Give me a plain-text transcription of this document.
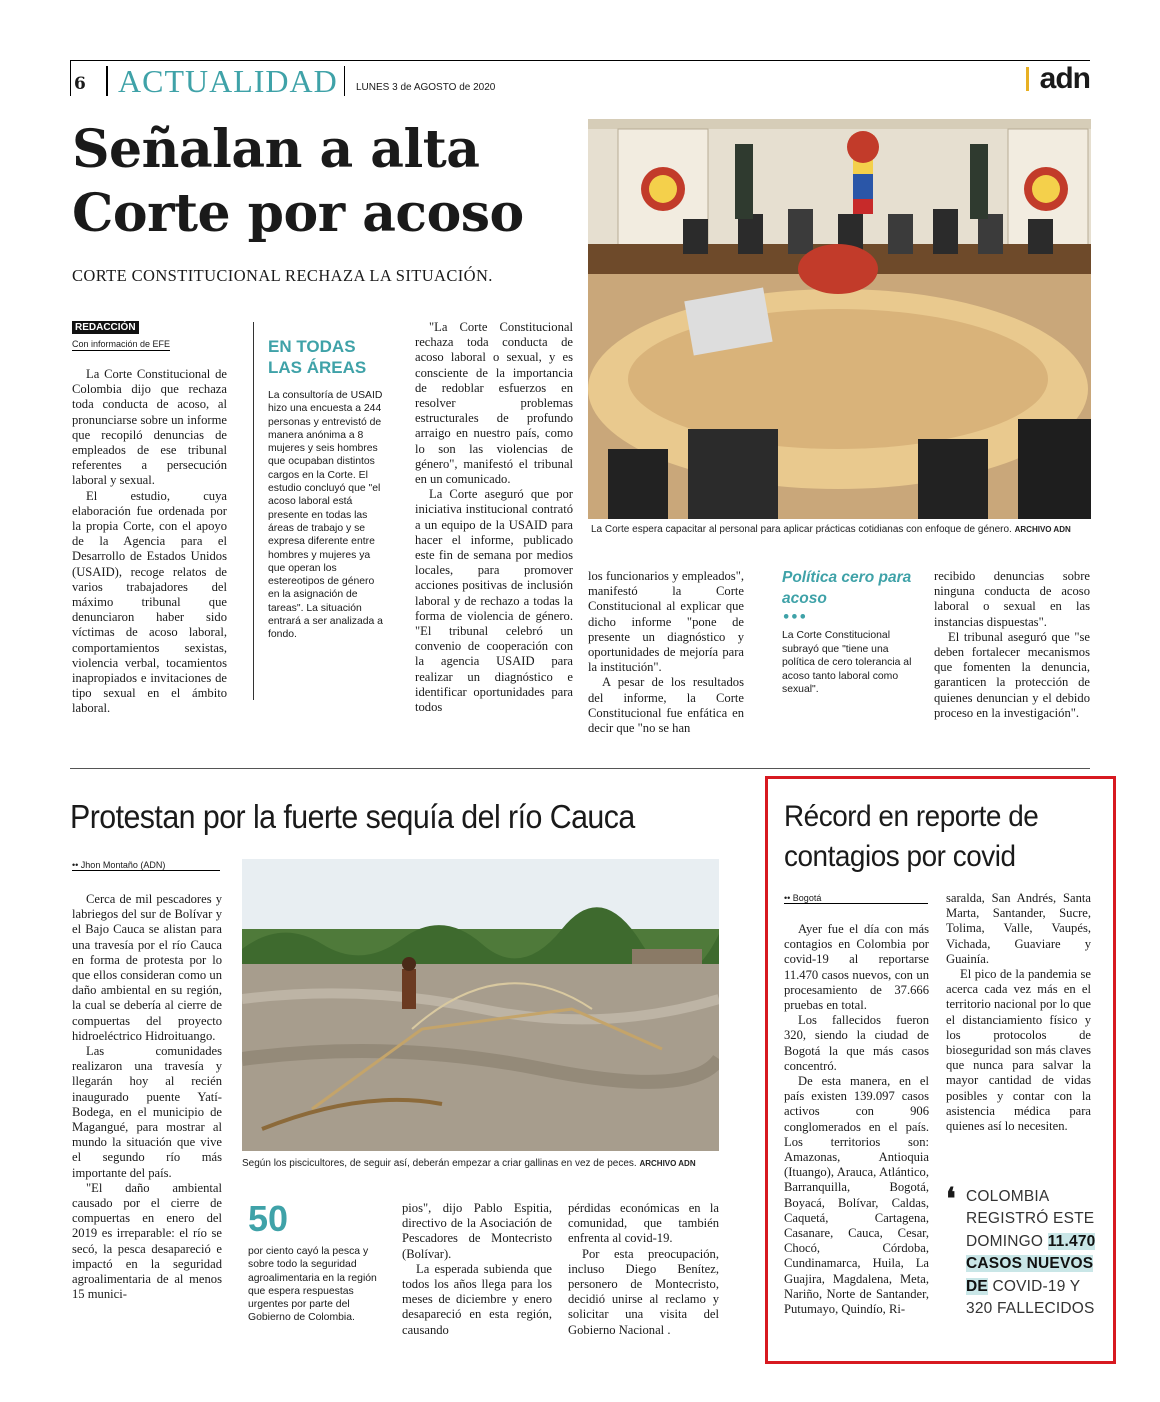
6 ACTUALIDAD LUNES 3 de AGOSTO de 2020	adn
Señalan a alta
Corte por acoso
CORTE CONSTITUCIONAL RECHAZA LA SITUACIÓN.
La Corte espera capacitar al personal para aplicar prácticas cotidianas con enfoque de género. ARCHIVO ADN
REDACCIÓN
Con información de EFE

La Corte Constitucional de Colombia dijo que rechaza toda conducta de acoso, al pronunciarse sobre un informe que recopiló denuncias de empleados de ese tribunal referentes a persecución laboral y sexual.

El estudio, cuya elaboración fue ordenada por la propia Corte, con el apoyo de la Agencia para el Desarrollo de Estados Unidos (USAID), recoge relatos de varios trabajadores del máximo tribunal que denunciaron haber sido víctimas de acoso laboral, comportamientos sexistas, violencia verbal, tocamientos inapropiados e invitaciones de tipo sexual en el ámbito laboral.

EN TODAS LAS ÁREAS
La consultoría de USAID hizo una encuesta a 244 personas y entrevistó de manera anónima a 8 mujeres y seis hombres que ocupaban distintos cargos en la Corte. El estudio concluyó que "el acoso laboral está presente en todas las áreas de trabajo y se expresa diferente entre hombres y mujeres ya que operan los estereotipos de género en la asignación de tareas". La situación entrará a ser analizada a fondo.

"La Corte Constitucional rechaza toda conducta de acoso laboral o sexual, y es consciente de la importancia de redoblar esfuerzos en resolver problemas estructurales de profundo arraigo en nuestro país, como lo son las violencias de género", manifestó el tribunal en un comunicado.

La Corte aseguró que por iniciativa institucional contrató a un equipo de la USAID para hacer el informe, publicado este fin de semana por medios locales, para promover acciones positivas de inclusión laboral y de rechazo a todas la forma de violencia de género. "El tribunal celebró un convenio de cooperación con la agencia USAID para realizar un diagnóstico e identificar oportunidades para todos

los funcionarios y empleados", manifestó la Corte Constitucional al explicar que dicho informe "pone de presente un diagnóstico y oportunidades de mejoría para la institución".

A pesar de los resultados del informe, la Corte Constitucional fue enfática en decir que "no se han

Política cero para acoso
•••
La Corte Constitucional subrayó que "tiene una política de cero tolerancia al acoso tanto laboral como sexual".

recibido denuncias sobre ninguna conducta de acoso laboral o sexual en las instancias dispuestas".

El tribunal aseguró que "se deben fortalecer mecanismos que fomenten la denuncia, garanticen la protección de quienes denuncian y el debido proceso en la investigación".

Protestan por la fuerte sequía del río Cauca
•• Jhon Montaño (ADN)
Según los piscicultores, de seguir así, deberán empezar a criar gallinas en vez de peces. ARCHIVO ADN

Cerca de mil pescadores y labriegos del sur de Bolívar y el Bajo Cauca se alistan para una travesía por el río Cauca en forma de protesta por lo que ellos consideran como un daño ambiental en su región, la cual se debería al cierre de compuertas del proyecto hidroeléctrico Hidroituango.

Las comunidades realizaron una travesía y llegarán hoy al recién inaugurado puente Yatí- Bodega, en el municipio de Magangué, para mostrar al mundo la situación que vive el segundo río más importante del país.

"El daño ambiental causado por el cierre de compuertas en enero del 2019 es irreparable: el río se secó, la pesca desapareció e impactó en la seguridad agroalimentaria de al menos 15 munici-

50
por ciento cayó la pesca y sobre todo la seguridad agroalimentaria en la región que espera respuestas urgentes por parte del Gobierno de Colombia.

pios", dijo Pablo Espitia, directivo de la Asociación de Pescadores de Montecristo (Bolívar).

La esperada subienda que todos los años llega para los meses de diciembre y enero desapareció en esta región, causando

pérdidas económicas en la comunidad, que también enfrenta al covid-19.

Por esta preocupación, incluso Diego Benítez, personero de Montecristo, decidió unirse al reclamo y solicitar una visita del Gobierno Nacional .

Récord en reporte de contagios por covid
•• Bogotá

Ayer fue el día con más contagios en Colombia por covid-19 al reportarse 11.470 casos nuevos, con un procesamiento de 37.666 pruebas en total.

Los fallecidos fueron 320, siendo la ciudad de Bogotá la que más casos concentró.

De esta manera, en el país existen 139.097 casos activos con 906 conglomerados en el país. Los territorios son: Amazonas, Antioquia (Ituango), Arauca, Atlántico, Barranquilla, Bogotá, Boyacá, Bolívar, Caldas, Caquetá, Cartagena, Casanare, Cauca, Cesar, Chocó, Córdoba, Cundinamarca, Huila, La Guajira, Magdalena, Meta, Nariño, Norte de Santander, Putumayo, Quindío, Ri-

saralda, San Andrés, Santa Marta, Santander, Sucre, Tolima, Valle, Vaupés, Vichada, Guaviare y Guainía.

El pico de la pandemia se acerca cada vez más en el territorio nacional por lo que el distanciamiento físico y los protocolos de bioseguridad son más claves que nunca para salvar la mayor cantidad de vidas posibles y contar con la asistencia médica para quienes así lo necesiten.

❛ COLOMBIA REGISTRÓ ESTE DOMINGO 11.470 CASOS NUEVOS DE COVID-19 Y 320 FALLECIDOS
